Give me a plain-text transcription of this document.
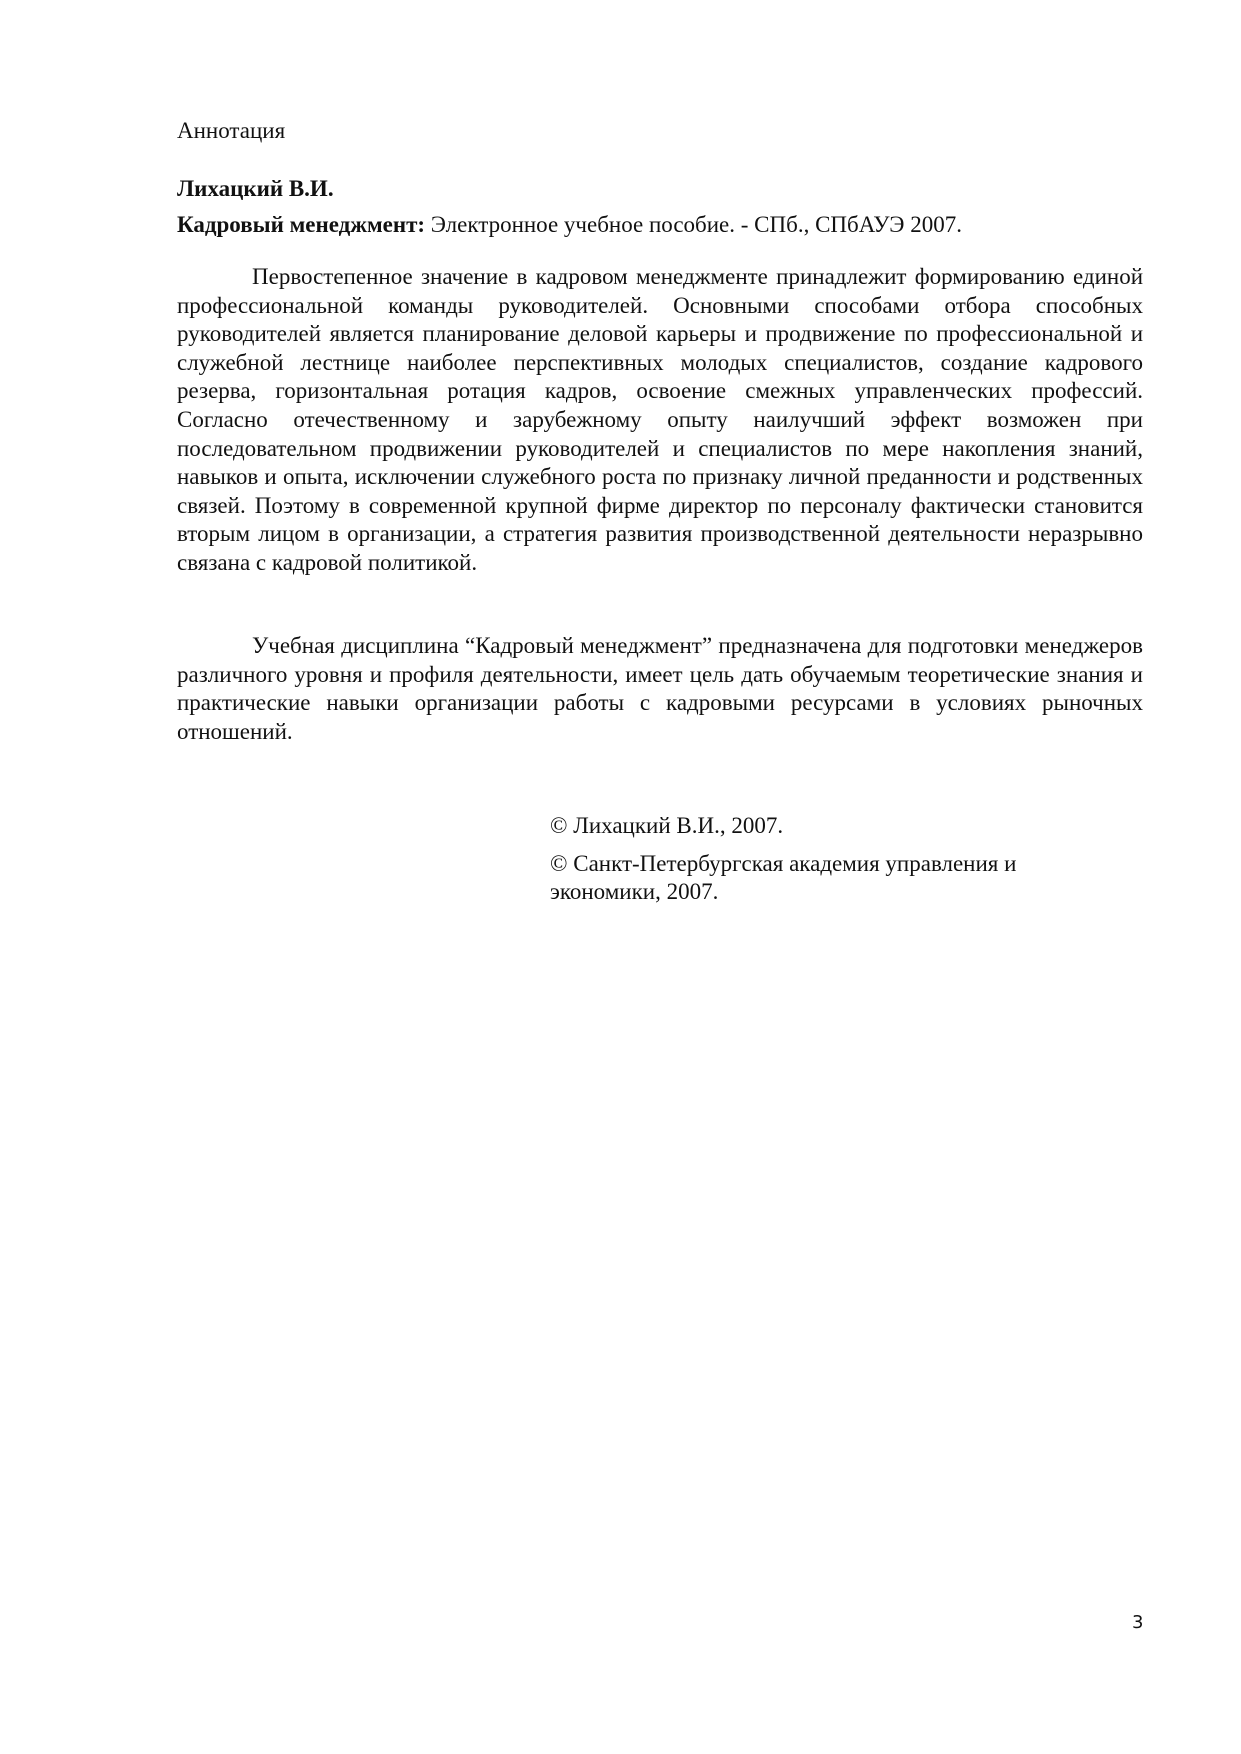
Аннотация
Лихацкий В.И.
Кадровый менеджмент: Электронное учебное пособие. - СПб., СПбАУЭ 2007.

Первостепенное значение в кадровом менеджменте принадлежит формированию единой профессиональной команды руководителей. Основными способами отбора способных руководителей является планирование деловой карьеры и продвижение по профессиональной и служебной лестнице наиболее перспективных молодых специалистов, создание кадрового резерва, горизонтальная ротация кадров, освоение смежных управленческих профессий. Согласно отечественному и зарубежному опыту наилучший эффект возможен при последовательном продвижении руководителей и специалистов по мере накопления знаний, навыков и опыта, исключении служебного роста по признаку личной преданности и родственных связей. Поэтому в современной крупной фирме директор по персоналу фактически становится вторым лицом в организации, а стратегия развития производственной деятельности неразрывно связана с кадровой политикой.

Учебная дисциплина “Кадровый менеджмент” предназначена для подготовки менеджеров различного уровня и профиля деятельности, имеет цель дать обучаемым теоретические знания и практические навыки организации работы с кадровыми ресурсами в условиях рыночных отношений.

© Лихацкий В.И., 2007.

© Санкт-Петербургская академия управления и экономики, 2007.

3
